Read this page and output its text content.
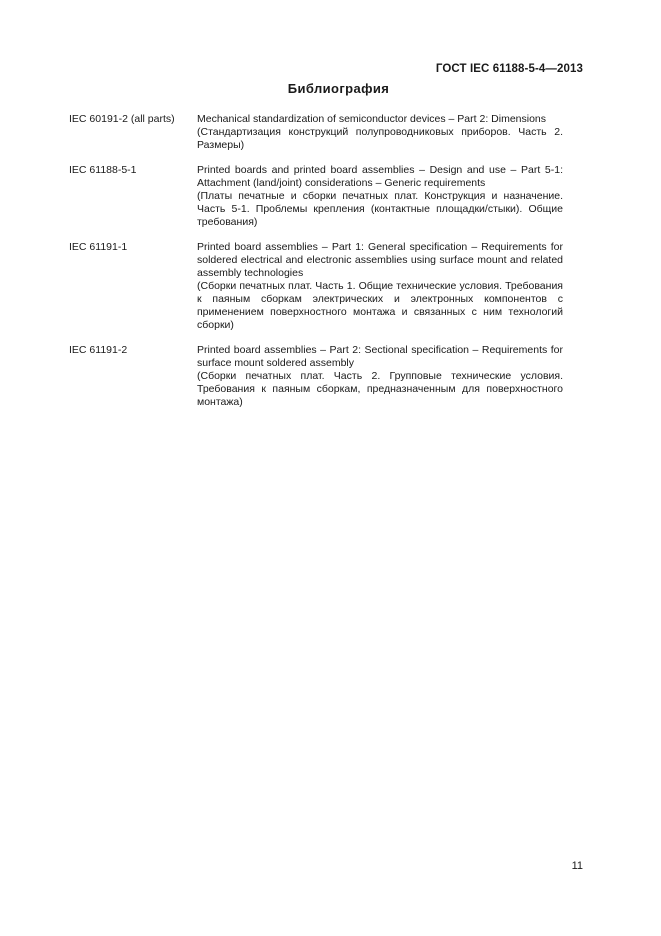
ГОСТ IEC 61188-5-4—2013
Библиография
IEC 60191-2 (all parts)	Mechanical standardization of semiconductor devices – Part 2: Dimensions
(Стандартизация конструкций полупроводниковых приборов. Часть 2. Размеры)
IEC 61188-5-1	Printed boards and printed board assemblies – Design and use – Part 5-1: Attachment (land/joint) considerations – Generic requirements
(Платы печатные и сборки печатных плат. Конструкция и назначение. Часть 5-1. Проблемы крепления (контактные площадки/стыки). Общие требования)
IEC 61191-1	Printed board assemblies – Part 1: General specification – Requirements for soldered electrical and electronic assemblies using surface mount and related assembly technologies
(Сборки печатных плат. Часть 1. Общие технические условия. Требования к паяным сборкам электрических и электронных компонентов с применением поверхностного монтажа и связанных с ним технологий сборки)
IEC 61191-2	Printed board assemblies – Part 2: Sectional specification – Requirements for surface mount soldered assembly
(Сборки печатных плат. Часть 2. Групповые технические условия. Требования к паяным сборкам, предназначенным для поверхностного монтажа)
11
